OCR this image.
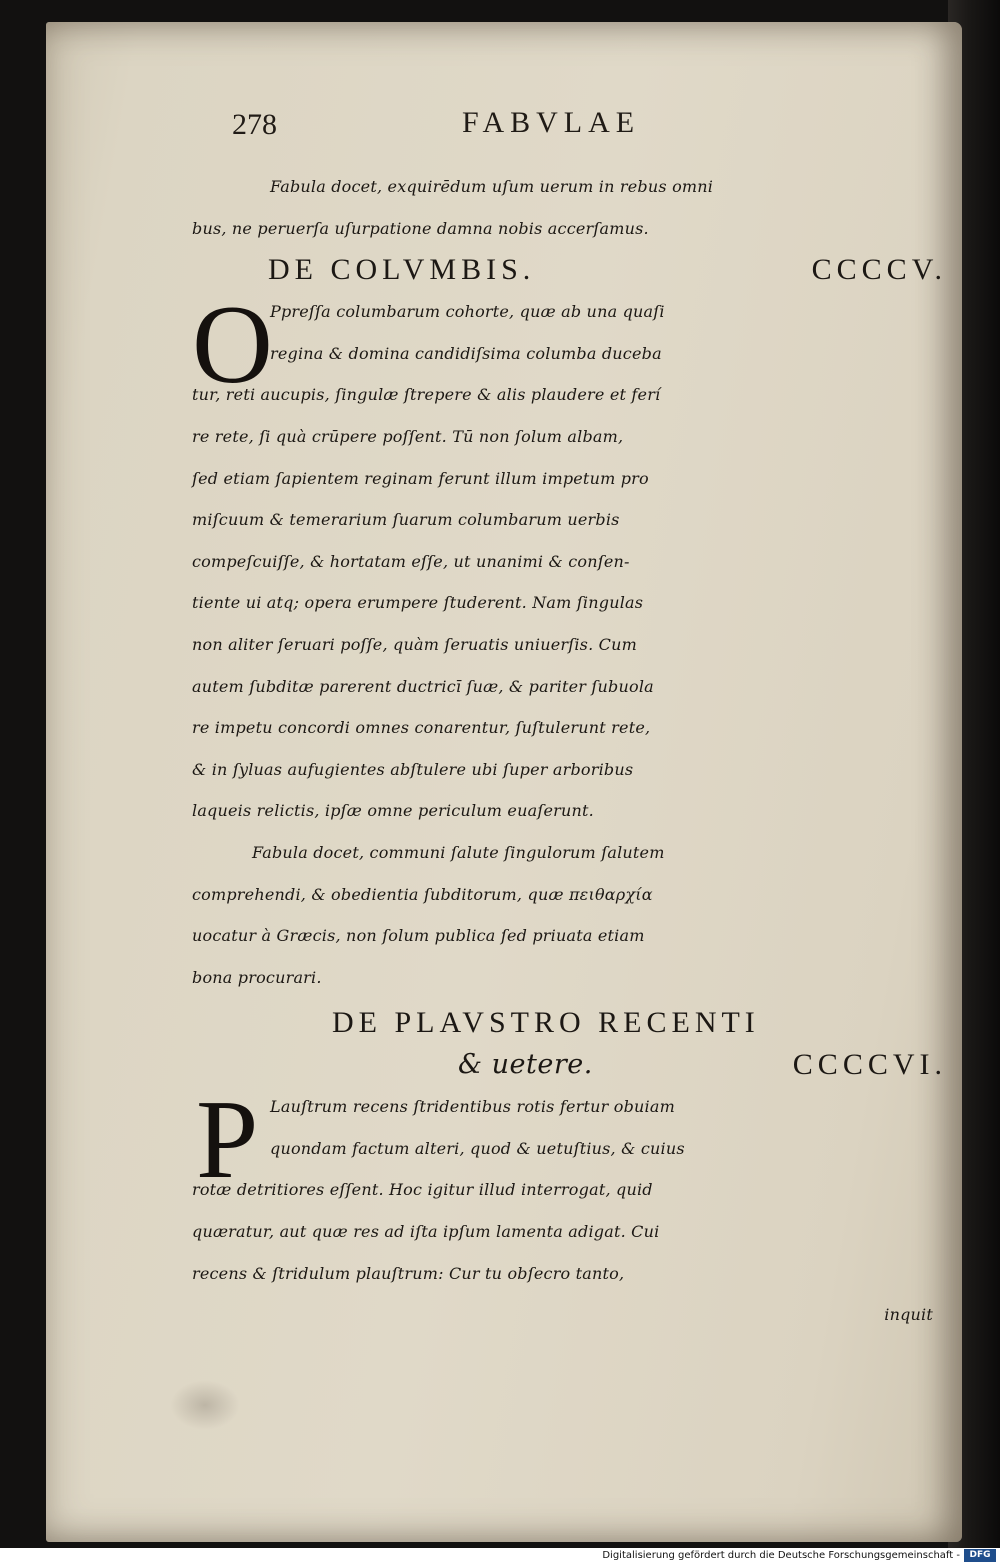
278	FABVLAE
Fabula docet, exquirēdum uſum uerum in rebus omni
bus, ne peruerſa uſurpatione damna nobis accerſamus.
DE COLVMBIS.	CCCCV.
O
Ppreſſa columbarum cohorte, quæ ab una quaſi
regina & domina candidiſsima columba ducеba
tur, reti aucupis, ſingulæ ſtrepere & alis plaudere et ferí
re rete, ſi quà crūpere poſſent. Tū non ſolum albam,
ſed etiam ſapientem reginam ferunt illum impetum pro
miſcuum & temerarium ſuarum columbarum uerbis
compeſcuiſſe, & hortatam eſſe, ut unanimi & conſen-
tiente ui atq; opera erumpere ſtuderent. Nam ſingulas
non aliter ſeruari poſſe, quàm ſeruatis uniuerſis. Cum
autem ſubditæ parerent ductricī ſuæ, & pariter ſubuola
re impetu concordi omnes conarentur, ſuſtulerunt rete,
& in ſyluas aufugientes abſtulere ubi ſuper arboribus
laqueis relictis, ipſæ omne periculum euaſerunt.
Fabula docet, communi ſalute ſingulorum ſalutem
comprehendi, & obedientia ſubditorum, quæ πειθαρχία
uocatur à Græcis, non ſolum publica ſed priuata etiam
bona procurari.
DE PLAVSTRO RECENTI
& uetere.	CCCCVI.
P Lauſtrum recens ſtridentibus rotis fertur obuiam
quondam factum alteri, quod & uetuſtius, & cuius
rotæ detritiores eſſent. Hoc igitur illud interrogat, quid
quæratur, aut quæ res ad iſta ipſum lamenta adigat. Cui
recens & ſtridulum plauſtrum: Cur tu obſecro tanto,
inquit
Digitalisierung gefördert durch die Deutsche Forschungsgemeinschaft -	DFG
